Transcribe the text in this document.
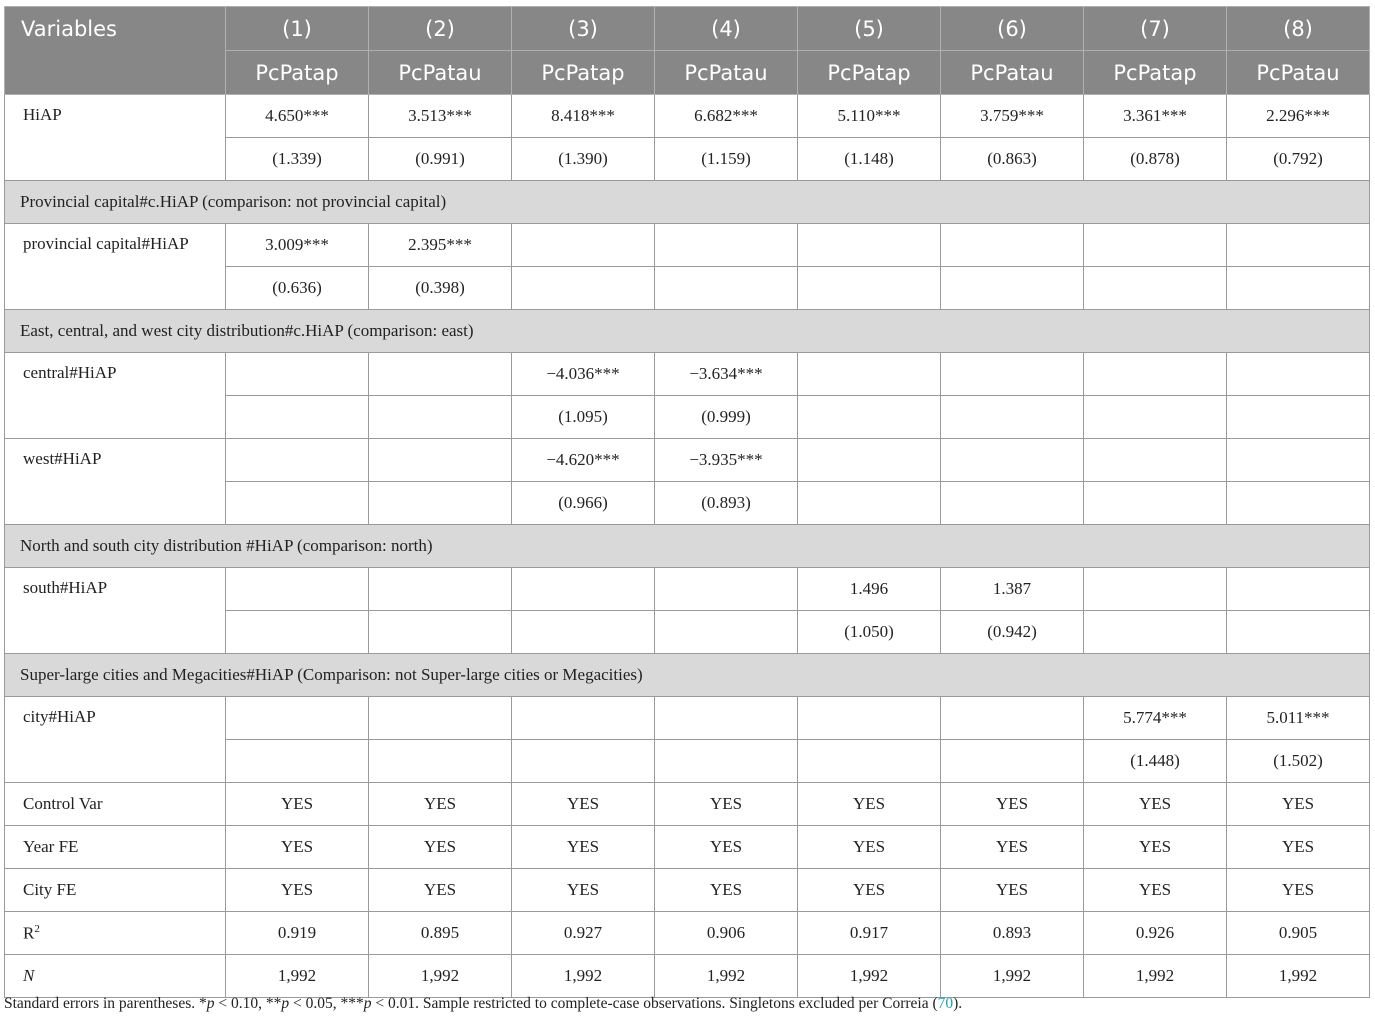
Variables	(1)	(2)	(3)	(4)	(5)	(6)	(7)	(8)
	PcPatap	PcPatau	PcPatap	PcPatau	PcPatap	PcPatau	PcPatap	PcPatau
HiAP	4.650***	3.513***	8.418***	6.682***	5.110***	3.759***	3.361***	2.296***
	(1.339)	(0.991)	(1.390)	(1.159)	(1.148)	(0.863)	(0.878)	(0.792)
Provincial capital#c.HiAP (comparison: not provincial capital)								
provincial capital#HiAP	3.009***	2.395***						
	(0.636)	(0.398)						
East, central, and west city distribution#c.HiAP (comparison: east)								
central#HiAP			−4.036***	−3.634***				
			(1.095)	(0.999)				
west#HiAP			−4.620***	−3.935***				
			(0.966)	(0.893)				
North and south city distribution #HiAP (comparison: north)								
south#HiAP					1.496	1.387		
					(1.050)	(0.942)		
Super-large cities and Megacities#HiAP (Comparison: not Super-large cities or Megacities)								
city#HiAP							5.774***	5.011***
							(1.448)	(1.502)
Control Var	YES	YES	YES	YES	YES	YES	YES	YES
Year FE	YES	YES	YES	YES	YES	YES	YES	YES
City FE	YES	YES	YES	YES	YES	YES	YES	YES
$R^2$	0.919	0.895	0.927	0.906	0.917	0.893	0.926	0.905
N	1,992	1,992	1,992	1,992	1,992	1,992	1,992	1,992
Standard errors in parentheses. *p < 0.10, **p < 0.05, ***p < 0.01. Sample restricted to complete-case observations. Singletons excluded per Correia (70).
